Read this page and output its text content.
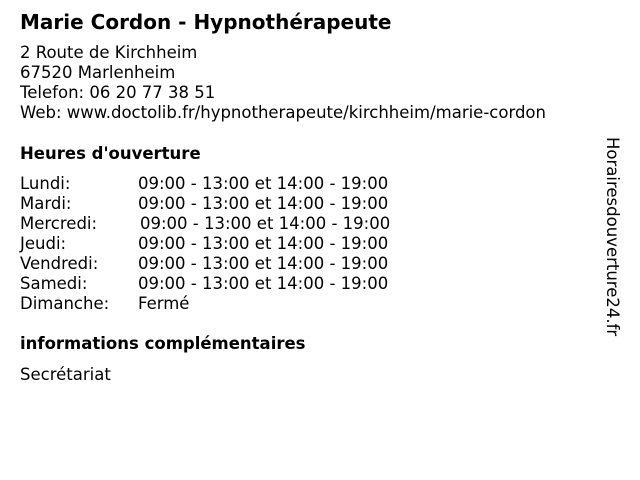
Marie Cordon - Hypnothérapeute
2 Route de Kirchheim
67520 Marlenheim
Telefon: 06 20 77 38 51
Web: www.doctolib.fr/hypnotherapeute/kirchheim/marie-cordon
Heures d'ouverture
Lundi:	09:00 - 13:00 et 14:00 - 19:00
Mardi:	09:00 - 13:00 et 14:00 - 19:00
Mercredi:	09:00 - 13:00 et 14:00 - 19:00
Jeudi:	09:00 - 13:00 et 14:00 - 19:00
Vendredi: 09:00 - 13:00 et 14:00 - 19:00
Samedi:	09:00 - 13:00 et 14:00 - 19:00
Dimanche: Fermé
informations complémentaires
Secrétariat
Horairesdouverture24.fr
